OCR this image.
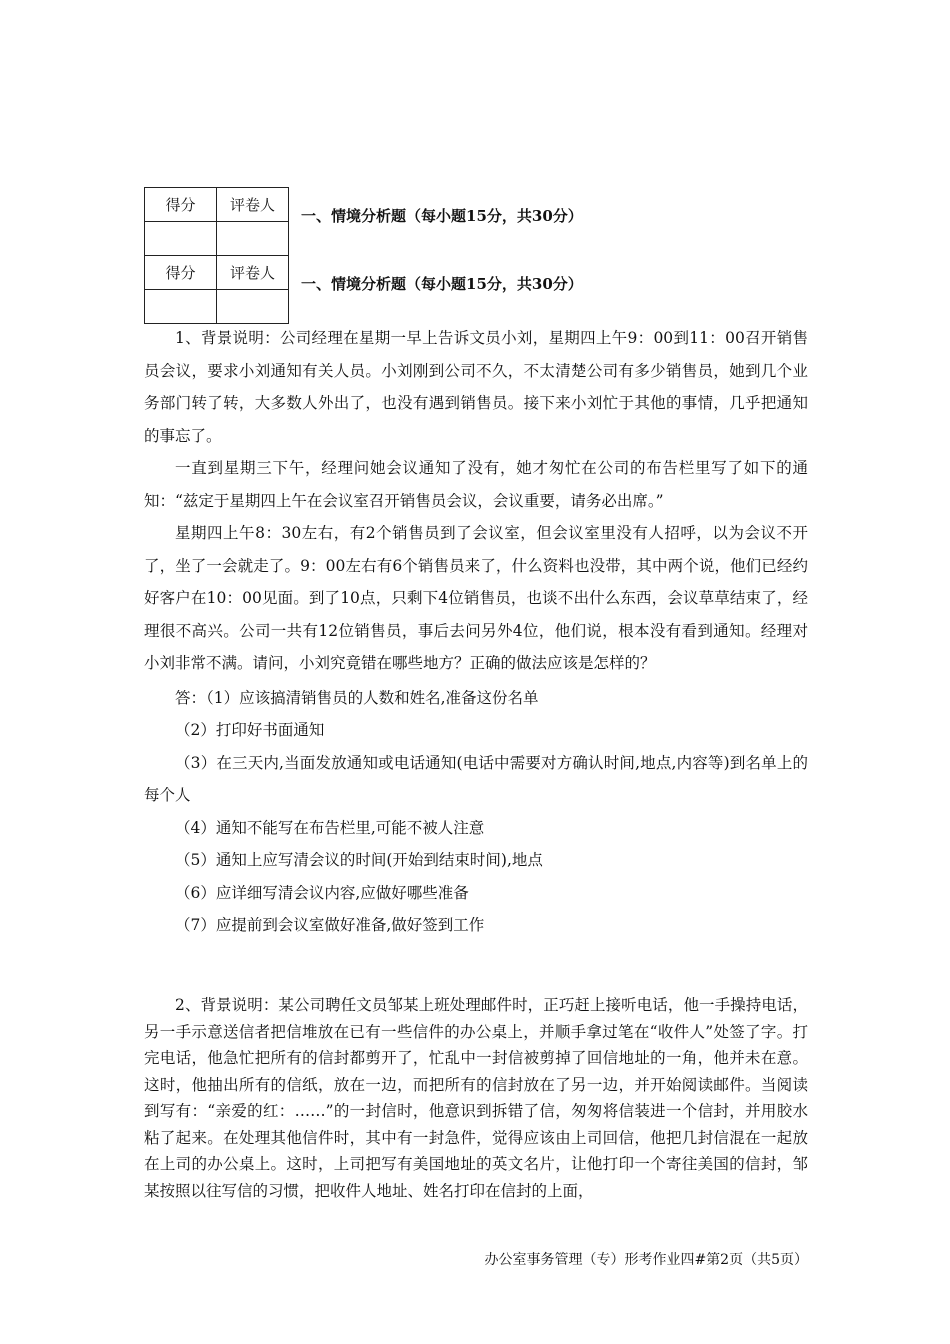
得分	评卷人

得分	评卷人

一、情境分析题（每小题15分，共30分）
一、情境分析题（每小题15分，共30分）

1、背景说明：公司经理在星期一早上告诉文员小刘，星期四上午9：00到11：00召开销售员会议，要求小刘通知有关人员。小刘刚到公司不久，不太清楚公司有多少销售员，她到几个业务部门转了转，大多数人外出了，也没有遇到销售员。接下来小刘忙于其他的事情，几乎把通知的事忘了。

一直到星期三下午，经理问她会议通知了没有，她才匆忙在公司的布告栏里写了如下的通知：“兹定于星期四上午在会议室召开销售员会议，会议重要，请务必出席。”

星期四上午8：30左右，有2个销售员到了会议室，但会议室里没有人招呼，以为会议不开了，坐了一会就走了。9：00左右有6个销售员来了，什么资料也没带，其中两个说，他们已经约好客户在10：00见面。到了10点，只剩下4位销售员，也谈不出什么东西，会议草草结束了，经理很不高兴。公司一共有12位销售员，事后去问另外4位，他们说，根本没有看到通知。经理对小刘非常不满。请问，小刘究竟错在哪些地方？正确的做法应该是怎样的？

答：（1）应该搞清销售员的人数和姓名,准备这份名单

（2）打印好书面通知

（3）在三天内,当面发放通知或电话通知(电话中需要对方确认时间,地点,内容等)到名单上的每个人

（4）通知不能写在布告栏里,可能不被人注意

（5）通知上应写清会议的时间(开始到结束时间),地点

（6）应详细写清会议内容,应做好哪些准备

（7）应提前到会议室做好准备,做好签到工作

2、背景说明：某公司聘任文员邹某上班处理邮件时，正巧赶上接听电话，他一手操持电话，另一手示意送信者把信堆放在已有一些信件的办公桌上，并顺手拿过笔在“收件人”处签了字。打完电话，他急忙把所有的信封都剪开了，忙乱中一封信被剪掉了回信地址的一角，他并未在意。这时，他抽出所有的信纸，放在一边，而把所有的信封放在了另一边，并开始阅读邮件。当阅读到写有：“亲爱的红：……”的一封信时，他意识到拆错了信，匆匆将信装进一个信封，并用胶水粘了起来。在处理其他信件时，其中有一封急件，觉得应该由上司回信，他把几封信混在一起放在上司的办公桌上。这时，上司把写有美国地址的英文名片，让他打印一个寄往美国的信封，邹某按照以往写信的习惯，把收件人地址、姓名打印在信封的上面，

办公室事务管理（专）形考作业四#第2页（共5页）
